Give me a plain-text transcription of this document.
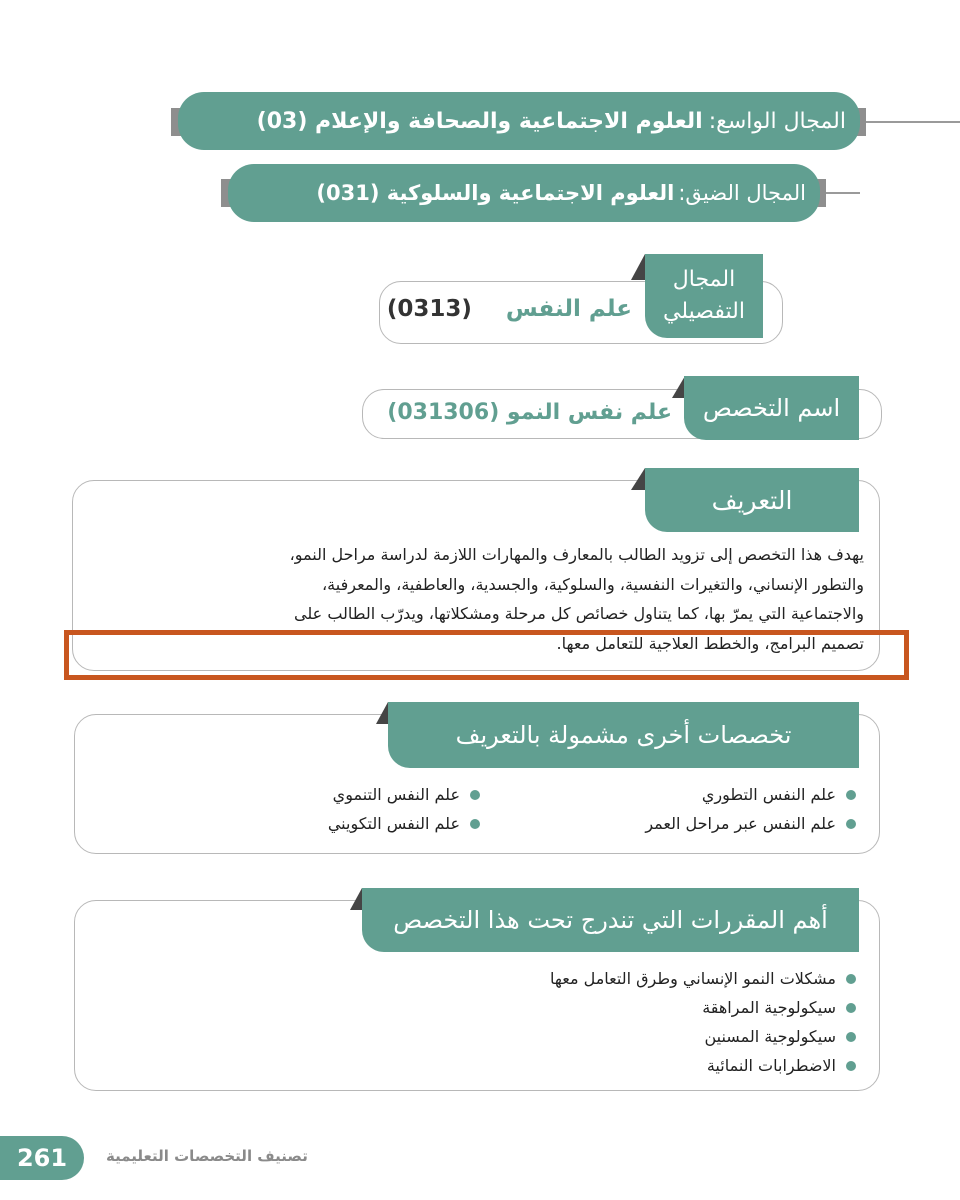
المجال الواسع:
العلوم الاجتماعية والصحافة والإعلام (03)
المجال الضيق:
العلوم الاجتماعية والسلوكية (031)
المجال
التفصيلي
علم النفس (0313)
اسم التخصص
علم نفس النمو (031306)
التعريف
يهدف هذا التخصص إلى تزويد الطالب بالمعارف والمهارات اللازمة لدراسة مراحل النمو،
والتطور الإنساني، والتغيرات النفسية، والسلوكية، والجسدية، والعاطفية، والمعرفية،
والاجتماعية التي يمرّ بها، كما يتناول خصائص كل مرحلة ومشكلاتها، ويدرّب الطالب على
تصميم البرامج، والخطط العلاجية للتعامل معها.
تخصصات أخرى مشمولة بالتعريف
علم النفس التطوري
علم النفس عبر مراحل العمر
علم النفس التنموي
علم النفس التكويني
أهم المقررات التي تندرج تحت هذا التخصص
مشكلات النمو الإنساني وطرق التعامل معها
سيكولوجية المراهقة
سيكولوجية المسنين
الاضطرابات النمائية
261	تصنيف التخصصات التعليمية
